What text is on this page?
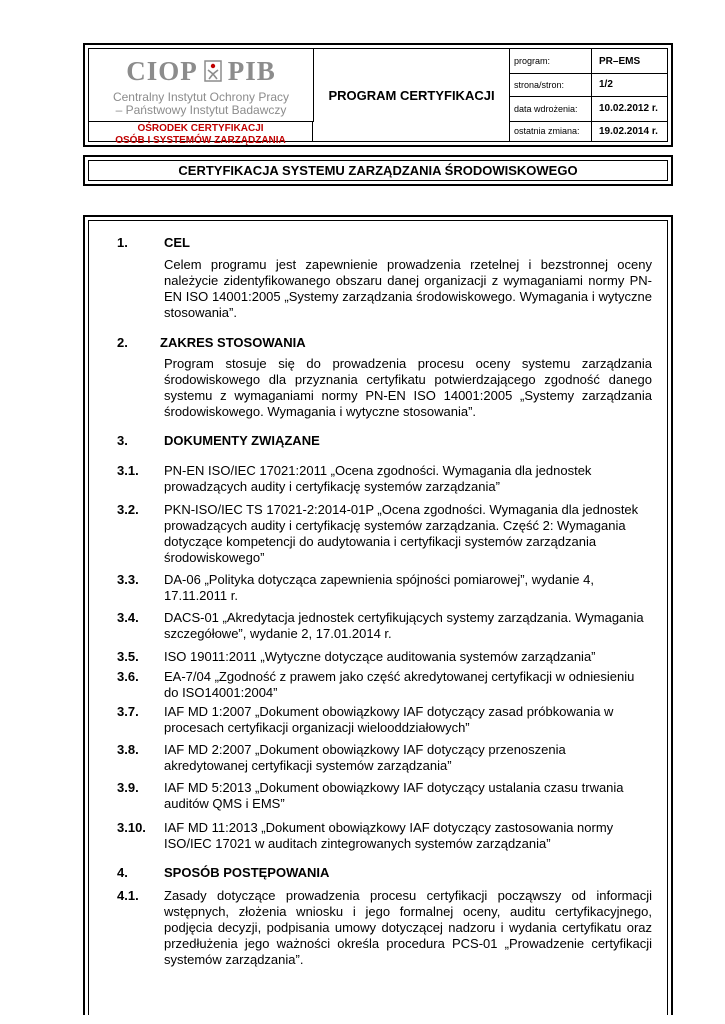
CIOP PIB
Centralny Instytut Ochrony Pracy
– Państwowy Instytut Badawczy
OŚRODEK CERTYFIKACJI
OSÓB I SYSTEMÓW ZARZĄDZANIA
PROGRAM CERTYFIKACJI
program:	PR–EMS
strona/stron:	1/2
data wdrożenia:	10.02.2012 r.
ostatnia zmiana:	19.02.2014 r.
CERTYFIKACJA SYSTEMU ZARZĄDZANIA ŚRODOWISKOWEGO
1.	CEL
Celem programu jest zapewnienie prowadzenia rzetelnej i bezstronnej oceny należycie zidentyfikowanego obszaru danej organizacji z wymaganiami normy PN-EN ISO 14001:2005 „Systemy zarządzania środowiskowego. Wymagania i wytyczne stosowania”.
2. ZAKRES STOSOWANIA
Program stosuje się do prowadzenia procesu oceny systemu zarządzania środowiskowego dla przyznania certyfikatu potwierdzającego zgodność danego systemu z wymaganiami normy PN-EN ISO 14001:2005 „Systemy zarządzania środowiskowego. Wymagania i wytyczne stosowania”.
3.	DOKUMENTY ZWIĄZANE
3.1. PN-EN ISO/IEC 17021:2011 „Ocena zgodności. Wymagania dla jednostek prowadzących audity i certyfikację systemów zarządzania”
3.2. PKN-ISO/IEC TS 17021-2:2014-01P „Ocena zgodności. Wymagania dla jednostek prowadzących audity i certyfikację systemów zarządzania. Część 2: Wymagania dotyczące kompetencji do audytowania i certyfikacji systemów zarządzania środowiskowego”
3.3. DA-06 „Polityka dotycząca zapewnienia spójności pomiarowej”, wydanie 4, 17.11.2011 r.
3.4. DACS-01 „Akredytacja jednostek certyfikujących systemy zarządzania. Wymagania szczegółowe”, wydanie 2, 17.01.2014 r.
3.5. ISO 19011:2011 „Wytyczne dotyczące auditowania systemów zarządzania”
3.6. EA-7/04 „Zgodność z prawem jako część akredytowanej certyfikacji w odniesieniu do ISO14001:2004”
3.7. IAF MD 1:2007 „Dokument obowiązkowy IAF dotyczący zasad próbkowania w procesach certyfikacji organizacji wielooddziałowych”
3.8. IAF MD 2:2007 „Dokument obowiązkowy IAF dotyczący przenoszenia akredytowanej certyfikacji systemów zarządzania”
3.9. IAF MD 5:2013 „Dokument obowiązkowy IAF dotyczący ustalania czasu trwania auditów QMS i EMS”
3.10. IAF MD 11:2013 „Dokument obowiązkowy IAF dotyczący zastosowania normy ISO/IEC 17021 w auditach zintegrowanych systemów zarządzania”
4.	SPOSÓB POSTĘPOWANIA
4.1. Zasady dotyczące prowadzenia procesu certyfikacji począwszy od informacji wstępnych, złożenia wniosku i jego formalnej oceny, auditu certyfikacyjnego, podjęcia decyzji, podpisania umowy dotyczącej nadzoru i wydania certyfikatu oraz przedłużenia jego ważności określa procedura PCS-01 „Prowadzenie certyfikacji systemów zarządzania”.
